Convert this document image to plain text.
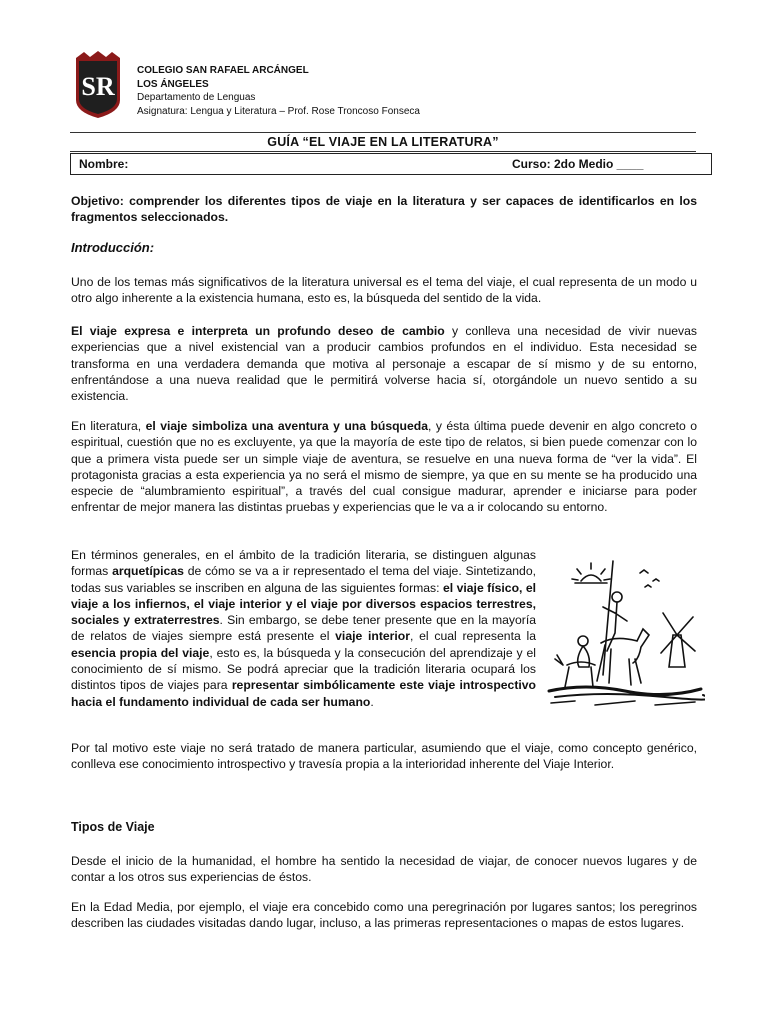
SR
COLEGIO SAN RAFAEL ARCÁNGEL
LOS ÁNGELES
Departamento de Lenguas
Asignatura: Lengua y Literatura – Prof. Rose Troncoso Fonseca
GUÍA “EL VIAJE EN LA LITERATURA”
Nombre:	Curso: 2do Medio ____
Objetivo: comprender los diferentes tipos de viaje en la literatura y ser capaces de identificarlos en los fragmentos seleccionados.
Introducción:
Uno de los temas más significativos de la literatura universal es el tema del viaje, el cual representa de un modo u otro algo inherente a la existencia humana, esto es, la búsqueda del sentido de la vida.
El viaje expresa e interpreta un profundo deseo de cambio y conlleva una necesidad de vivir nuevas experiencias que a nivel existencial van a producir cambios profundos en el individuo. Esta necesidad se transforma en una verdadera demanda que motiva al personaje a escapar de sí mismo y de su entorno, enfrentándose a una nueva realidad que le permitirá volverse hacia sí, otorgándole un nuevo sentido a su existencia.
En literatura, el viaje simboliza una aventura y una búsqueda, y ésta última puede devenir en algo concreto o espiritual, cuestión que no es excluyente, ya que la mayoría de este tipo de relatos, si bien puede comenzar con lo que a primera vista puede ser un simple viaje de aventura, se resuelve en una nueva forma de “ver la vida”. El protagonista gracias a esta experiencia ya no será el mismo de siempre, ya que en su mente se ha producido una especie de “alumbramiento espiritual”, a través del cual consigue madurar, aprender e iniciarse para poder enfrentar de mejor manera las distintas pruebas y experiencias que le va a ir colocando su entorno.
En términos generales, en el ámbito de la tradición literaria, se distinguen algunas formas arquetípicas de cómo se va a ir representado el tema del viaje. Sintetizando, todas sus variables se inscriben en alguna de las siguientes formas: el viaje físico, el viaje a los infiernos, el viaje interior y el viaje por diversos espacios terrestres, sociales y extraterrestres. Sin embargo, se debe tener presente que en la mayoría de relatos de viajes siempre está presente el viaje interior, el cual representa la esencia propia del viaje, esto es, la búsqueda y la consecución del aprendizaje y el conocimiento de sí mismo. Se podrá apreciar que la tradición literaria ocupará los distintos tipos de viajes para representar simbólicamente este viaje introspectivo hacia el fundamento individual de cada ser humano.
Por tal motivo este viaje no será tratado de manera particular, asumiendo que el viaje, como concepto genérico, conlleva ese conocimiento introspectivo y travesía propia a la interioridad inherente del Viaje Interior.
Tipos de Viaje
Desde el inicio de la humanidad, el hombre ha sentido la necesidad de viajar, de conocer nuevos lugares y de contar a los otros sus experiencias de éstos.
En la Edad Media, por ejemplo, el viaje era concebido como una peregrinación por lugares santos; los peregrinos describen las ciudades visitadas dando lugar, incluso, a las primeras representaciones o mapas de estos lugares.
